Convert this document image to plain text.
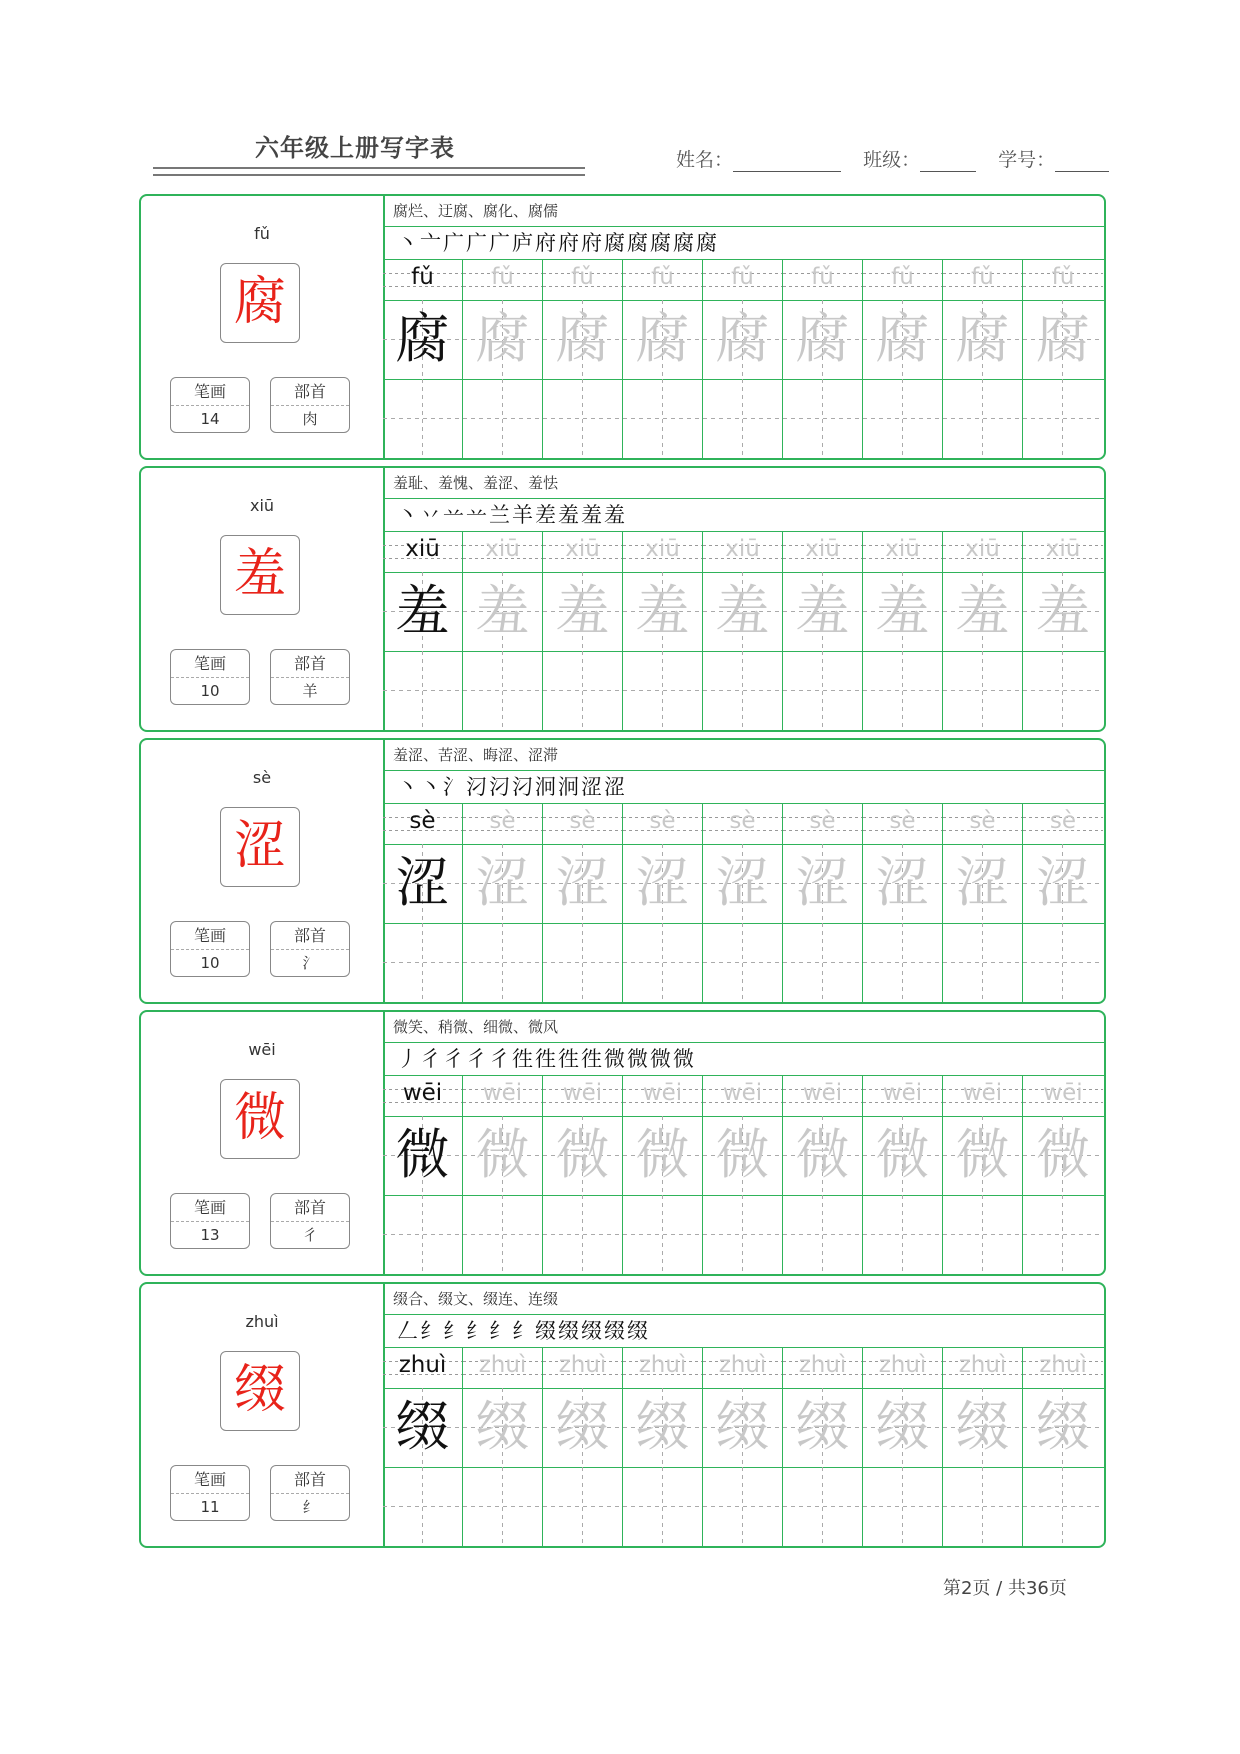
六年级上册写字表	姓名：	班级：	学号：
fǔ
腐
笔画
14
部首
肉
腐烂、迂腐、腐化、腐儒
丶亠广广广庐府府府腐腐腐腐腐
fǔ	fǔ	fǔ	fǔ	fǔ	fǔ	fǔ	fǔ	fǔ
腐 腐 腐 腐 腐 腐 腐 腐 腐
xiū
羞
笔画
10
部首
羊
羞耻、羞愧、羞涩、羞怯
丶丷䒑䒑兰羊差羞羞羞
xiū	xiū	xiū	xiū	xiū	xiū	xiū	xiū	xiū
羞 羞 羞 羞 羞 羞 羞 羞 羞
sè
涩
笔画
10
部首
氵
羞涩、苦涩、晦涩、涩滞
丶丶氵汈汈汈泂泂涩涩
sè	sè	sè	sè	sè	sè	sè	sè	sè
涩 涩 涩 涩 涩 涩 涩 涩 涩
wēi
微
笔画
13
部首
彳
微笑、稍微、细微、微风
丿彳彳彳彳徃徃徃徃微微微微
wēi	wēi	wēi	wēi	wēi	wēi	wēi	wēi	wēi
微 微 微 微 微 微 微 微 微
zhuì
缀
笔画
11
部首
纟
缀合、缀文、缀连、连缀
𠃋纟纟纟纟纟缀缀缀缀缀
zhuì	zhuì	zhuì	zhuì	zhuì	zhuì	zhuì	zhuì	zhuì
缀 缀 缀 缀 缀 缀 缀 缀 缀
第2页 / 共36页
